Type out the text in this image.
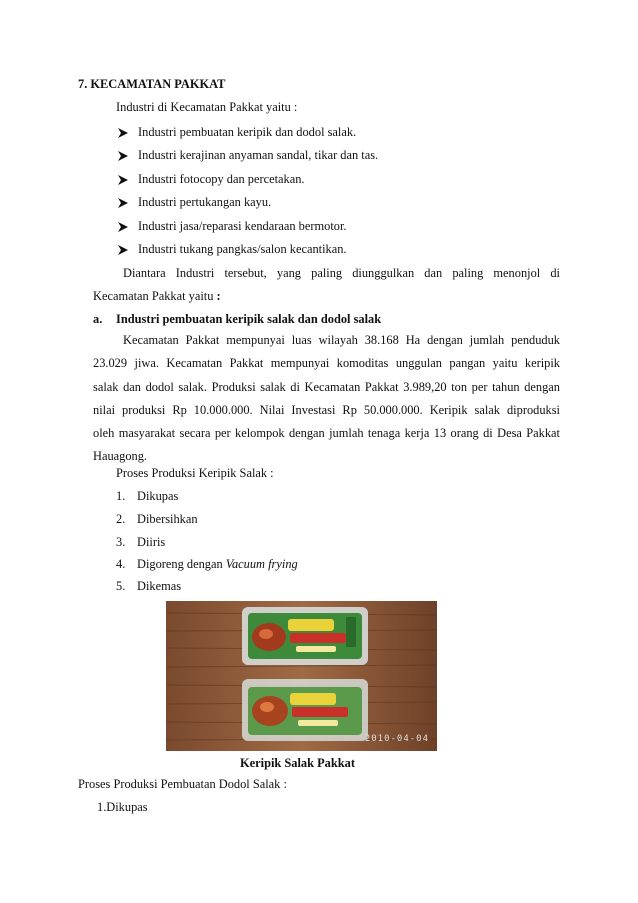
7. KECAMATAN PAKKAT
Industri di Kecamatan Pakkat yaitu :
Industri pembuatan keripik dan dodol salak.
Industri kerajinan anyaman sandal, tikar dan tas.
Industri fotocopy dan percetakan.
Industri pertukangan kayu.
Industri jasa/reparasi kendaraan bermotor.
Industri tukang pangkas/salon kecantikan.
Diantara Industri tersebut, yang paling diunggulkan dan paling menonjol di
Kecamatan Pakkat yaitu :
a. Industri pembuatan keripik salak dan dodol salak
Kecamatan Pakkat mempunyai luas wilayah 38.168 Ha dengan jumlah penduduk
23.029 jiwa. Kecamatan Pakkat mempunyai komoditas unggulan pangan yaitu keripik
salak dan dodol salak. Produksi salak di Kecamatan Pakkat 3.989,20 ton per tahun dengan
nilai produksi Rp 10.000.000. Nilai Investasi Rp 50.000.000. Keripik salak diproduksi
oleh masyarakat secara per kelompok dengan jumlah tenaga kerja 13 orang di Desa Pakkat
Hauagong.
Proses Produksi Keripik Salak :
1. Dikupas
2. Dibersihkan
3. Diiris
4. Digoreng dengan Vacuum frying
5. Dikemas
2010-04-04
Keripik Salak Pakkat
Proses Produksi Pembuatan Dodol Salak :
1.Dikupas
